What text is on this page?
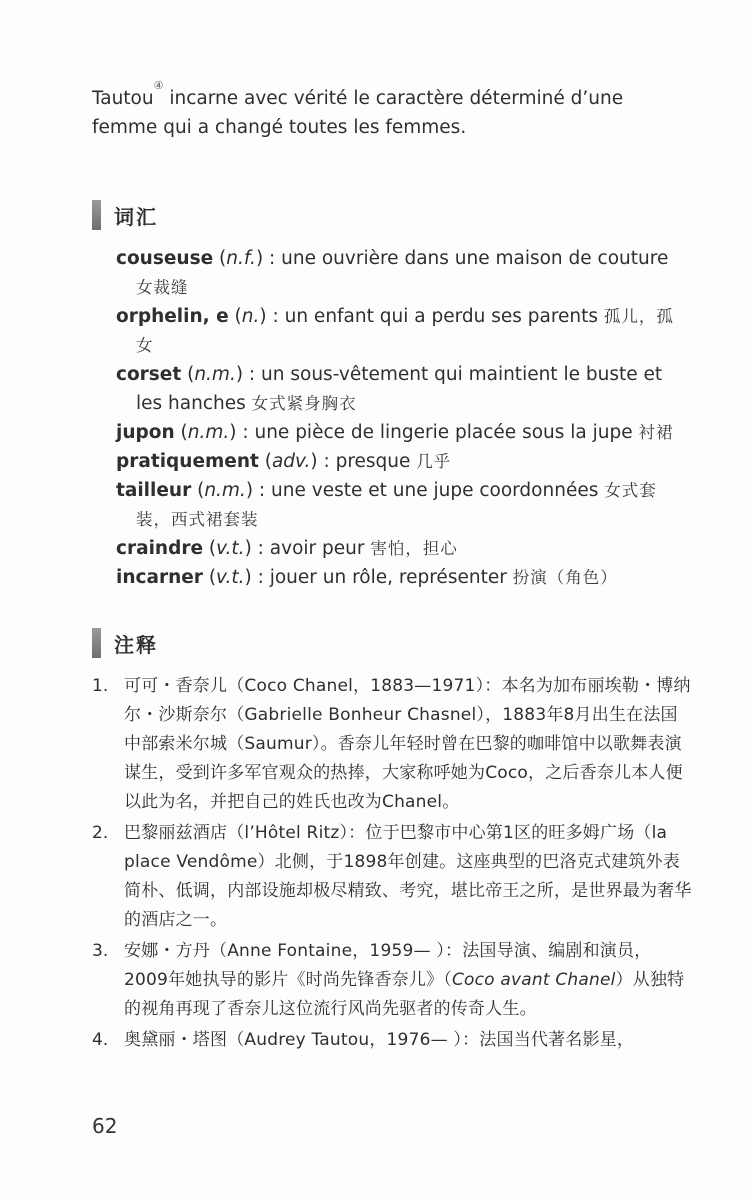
Tautou④ incarne avec vérité le caractère déterminé d’une femme qui a changé toutes les femmes.

词汇
couseuse (n.f.) : une ouvrière dans une maison de couture 女裁缝
orphelin, e (n.) : un enfant qui a perdu ses parents 孤儿，孤女
corset (n.m.) : un sous-vêtement qui maintient le buste et les hanches 女式紧身胸衣
jupon (n.m.) : une pièce de lingerie placée sous la jupe 衬裙
pratiquement (adv.) : presque 几乎
tailleur (n.m.) : une veste et une jupe coordonnées 女式套装，西式裙套装
craindre (v.t.) : avoir peur 害怕，担心
incarner (v.t.) : jouer un rôle, représenter 扮演（角色）
注释
1. 可可・香奈儿（Coco Chanel，1883—1971）：本名为加布丽埃勒・博纳尔・沙斯奈尔（Gabrielle Bonheur Chasnel），1883年8月出生在法国中部索米尔城（Saumur）。香奈儿年轻时曾在巴黎的咖啡馆中以歌舞表演谋生，受到许多军官观众的热捧，大家称呼她为Coco，之后香奈儿本人便以此为名，并把自己的姓氏也改为Chanel。
2. 巴黎丽兹酒店（l’Hôtel Ritz）：位于巴黎市中心第1区的旺多姆广场（la place Vendôme）北侧，于1898年创建。这座典型的巴洛克式建筑外表简朴、低调，内部设施却极尽精致、考究，堪比帝王之所，是世界最为奢华的酒店之一。
3. 安娜・方丹（Anne Fontaine，1959— ）：法国导演、编剧和演员，2009年她执导的影片《时尚先锋香奈儿》（Coco avant Chanel）从独特的视角再现了香奈儿这位流行风尚先驱者的传奇人生。
4. 奥黛丽・塔图（Audrey Tautou，1976— ）：法国当代著名影星，
62
